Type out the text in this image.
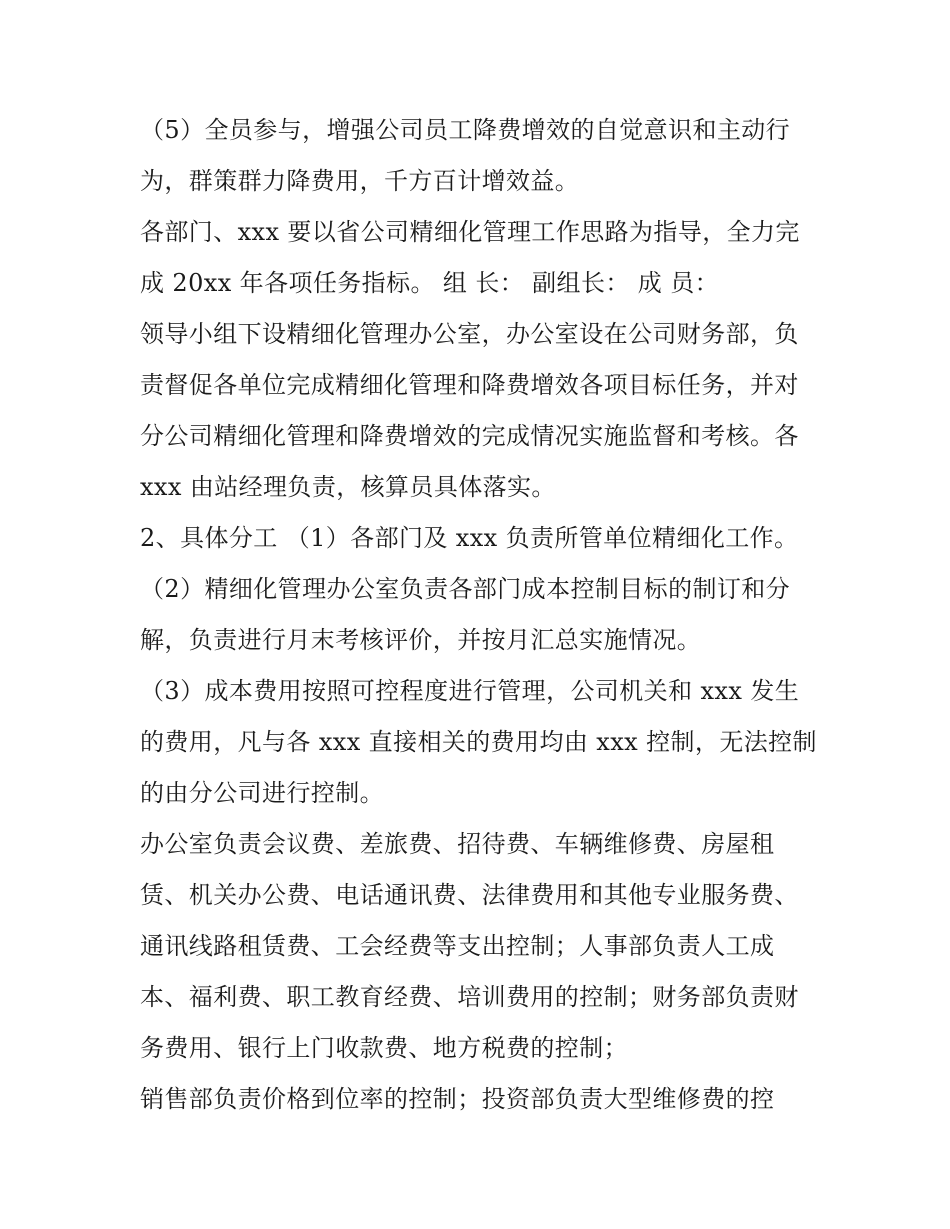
（5）全员参与，增强公司员工降费增效的自觉意识和主动行
为，群策群力降费用，千方百计增效益。
各部门、xxx 要以省公司精细化管理工作思路为指导，全力完
成 20xx 年各项任务指标。 组 长： 副组长： 成 员：
领导小组下设精细化管理办公室，办公室设在公司财务部，负
责督促各单位完成精细化管理和降费增效各项目标任务，并对
分公司精细化管理和降费增效的完成情况实施监督和考核。各
xxx 由站经理负责，核算员具体落实。
2、具体分工 （1）各部门及 xxx 负责所管单位精细化工作。
（2）精细化管理办公室负责各部门成本控制目标的制订和分
解，负责进行月末考核评价，并按月汇总实施情况。
（3）成本费用按照可控程度进行管理，公司机关和 xxx 发生
的费用，凡与各 xxx 直接相关的费用均由 xxx 控制，无法控制
的由分公司进行控制。
办公室负责会议费、差旅费、招待费、车辆维修费、房屋租
赁、机关办公费、电话通讯费、法律费用和其他专业服务费、
通讯线路租赁费、工会经费等支出控制；人事部负责人工成
本、福利费、职工教育经费、培训费用的控制；财务部负责财
务费用、银行上门收款费、地方税费的控制；
销售部负责价格到位率的控制；投资部负责大型维修费的控
